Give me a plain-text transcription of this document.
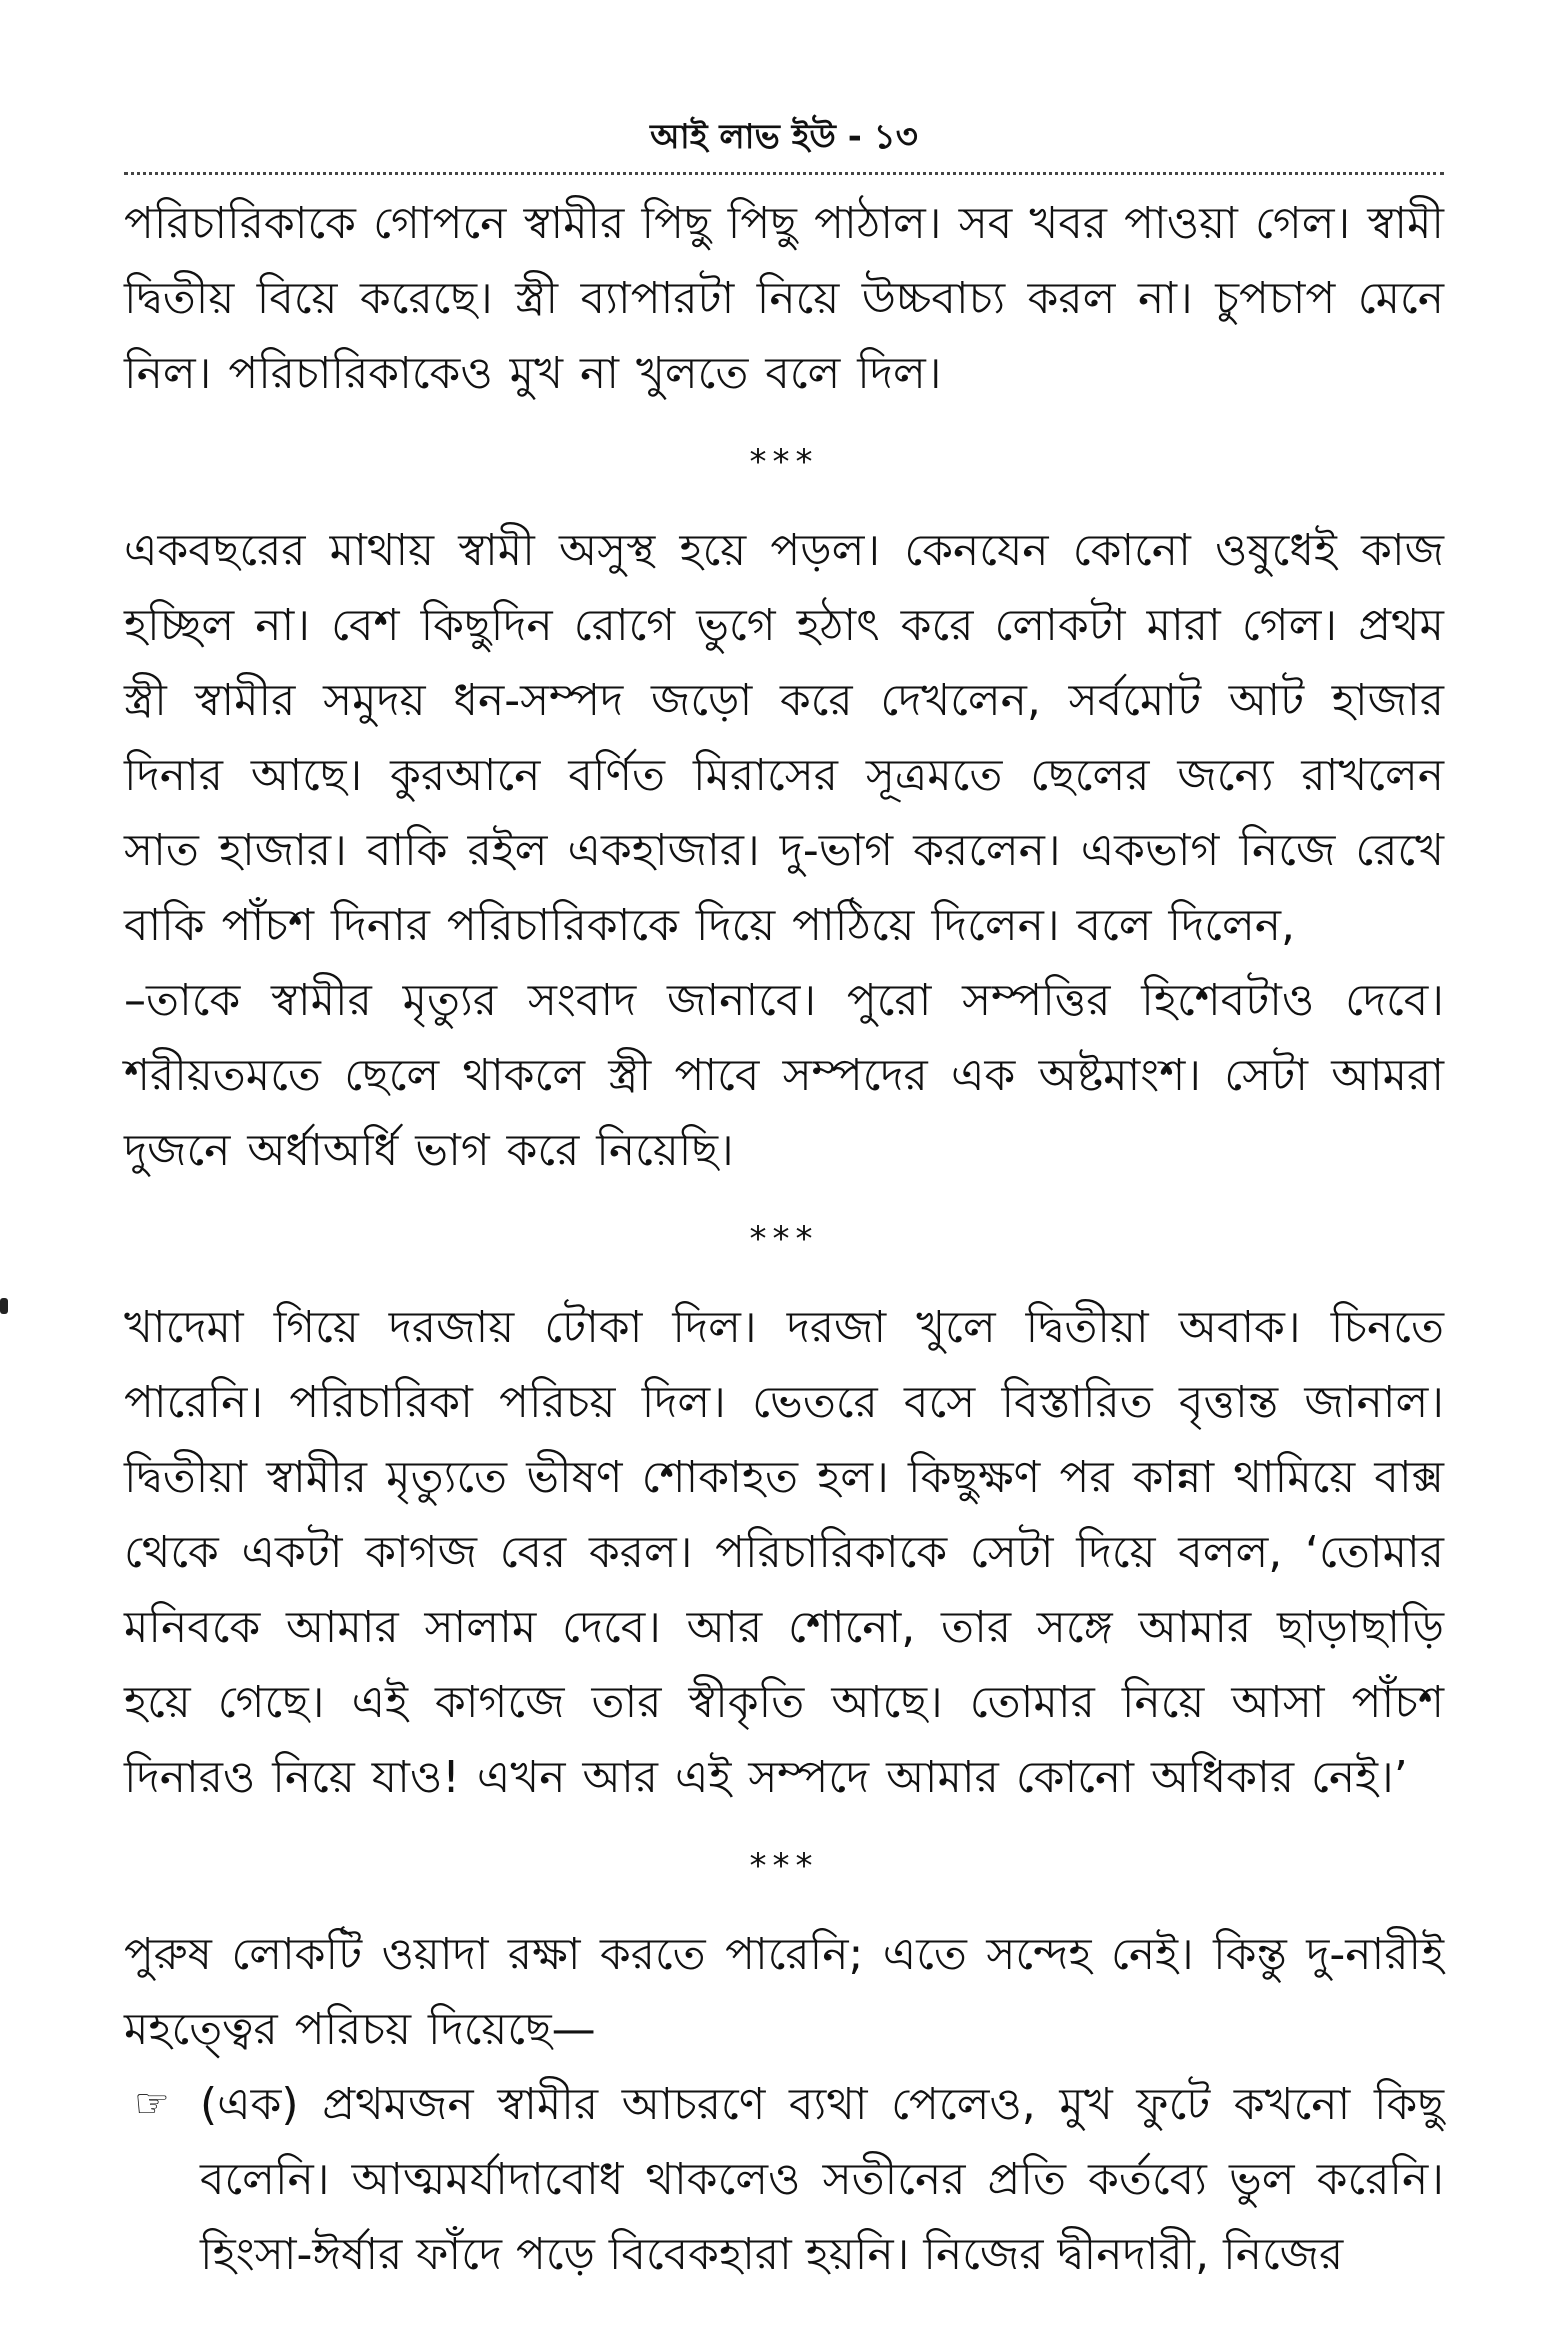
আই লাভ ইউ - ১৩

পরিচারিকাকে গোপনে স্বামীর পিছু পিছু পাঠাল। সব খবর পাওয়া গেল। স্বামী দ্বিতীয় বিয়ে করেছে। স্ত্রী ব্যাপারটা নিয়ে উচ্চবাচ্য করল না। চুপচাপ মেনে নিল। পরিচারিকাকেও মুখ না খুলতে বলে দিল।

***

একবছরের মাথায় স্বামী অসুস্থ হয়ে পড়ল। কেনযেন কোনো ওষুধেই কাজ হচ্ছিল না। বেশ কিছুদিন রোগে ভুগে হঠাৎ করে লোকটা মারা গেল। প্রথম স্ত্রী স্বামীর সমুদয় ধন-সম্পদ জড়ো করে দেখলেন, সর্বমোট আট হাজার দিনার আছে। কুরআনে বর্ণিত মিরাসের সূত্রমতে ছেলের জন্যে রাখলেন সাত হাজার। বাকি রইল একহাজার। দু-ভাগ করলেন। একভাগ নিজে রেখে বাকি পাঁচশ দিনার পরিচারিকাকে দিয়ে পাঠিয়ে দিলেন। বলে দিলেন,

–তাকে স্বামীর মৃত্যুর সংবাদ জানাবে। পুরো সম্পত্তির হিশেবটাও দেবে। শরীয়তমতে ছেলে থাকলে স্ত্রী পাবে সম্পদের এক অষ্টমাংশ। সেটা আমরা দুজনে অর্ধাঅর্ধি ভাগ করে নিয়েছি।

***

খাদেমা গিয়ে দরজায় টোকা দিল। দরজা খুলে দ্বিতীয়া অবাক। চিনতে পারেনি। পরিচারিকা পরিচয় দিল। ভেতরে বসে বিস্তারিত বৃত্তান্ত জানাল। দ্বিতীয়া স্বামীর মৃত্যুতে ভীষণ শোকাহত হল। কিছুক্ষণ পর কান্না থামিয়ে বাক্স থেকে একটা কাগজ বের করল। পরিচারিকাকে সেটা দিয়ে বলল, ‘তোমার মনিবকে আমার সালাম দেবে। আর শোনো, তার সঙ্গে আমার ছাড়াছাড়ি হয়ে গেছে। এই কাগজে তার স্বীকৃতি আছে। তোমার নিয়ে আসা পাঁচশ দিনারও নিয়ে যাও! এখন আর এই সম্পদে আমার কোনো অধিকার নেই।’

***

পুরুষ লোকটি ওয়াদা রক্ষা করতে পারেনি; এতে সন্দেহ নেই। কিন্তু দু-নারীই মহত্ত্বের পরিচয় দিয়েছে—

☞ (এক) প্রথমজন স্বামীর আচরণে ব্যথা পেলেও, মুখ ফুটে কখনো কিছু বলেনি। আত্মমর্যাদাবোধ থাকলেও সতীনের প্রতি কর্তব্যে ভুল করেনি। হিংসা-ঈর্ষার ফাঁদে পড়ে বিবেকহারা হয়নি। নিজের দ্বীনদারী, নিজের
